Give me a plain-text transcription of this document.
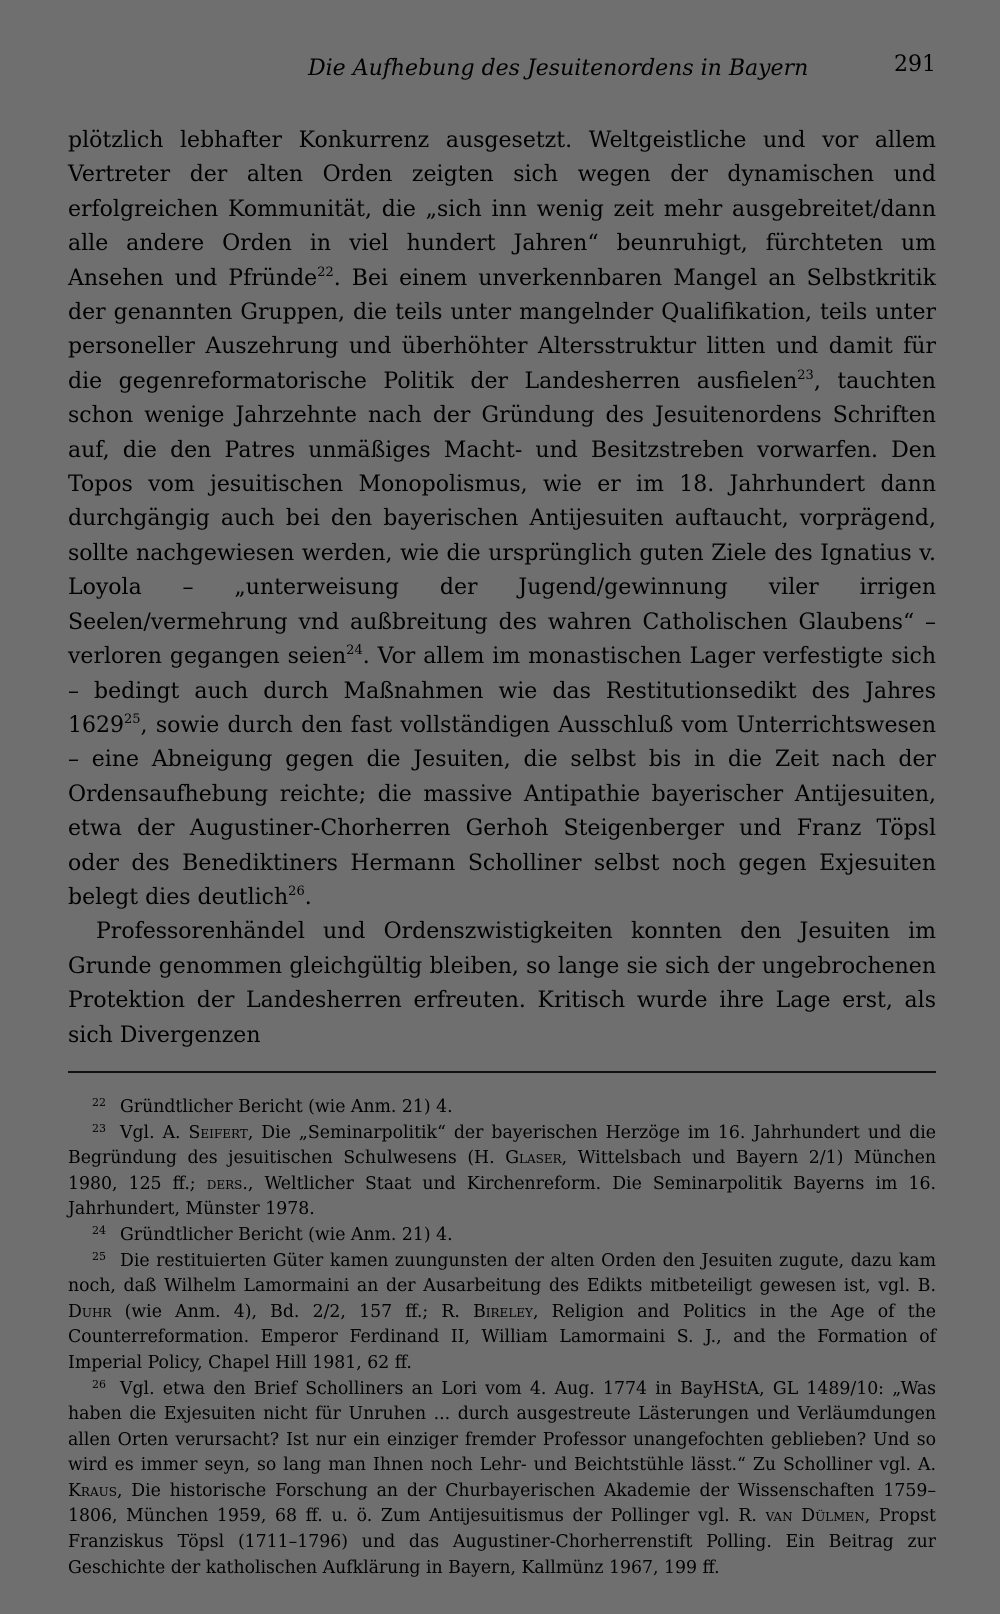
Die Aufhebung des Jesuitenordens in Bayern	291

plötzlich lebhafter Konkurrenz ausgesetzt. Weltgeistliche und vor allem Vertreter der alten Orden zeigten sich wegen der dynamischen und erfolgreichen Kommunität, die „sich inn wenig zeit mehr ausgebreitet/dann alle andere Orden in viel hundert Jahren“ beunruhigt, fürchteten um Ansehen und Pfründe$^{22}$. Bei einem unverkennbaren Mangel an Selbstkritik der genannten Gruppen, die teils unter mangelnder Qualifikation, teils unter personeller Auszehrung und überhöhter Altersstruktur litten und damit für die gegenreformatorische Politik der Landesherren ausfielen$^{23}$, tauchten schon wenige Jahrzehnte nach der Gründung des Jesuitenordens Schriften auf, die den Patres unmäßiges Macht- und Besitzstreben vorwarfen. Den Topos vom jesuitischen Monopolismus, wie er im 18. Jahrhundert dann durchgängig auch bei den bayerischen Antijesuiten auftaucht, vorprägend, sollte nachgewiesen werden, wie die ursprünglich guten Ziele des Ignatius v. Loyola – „unterweisung der Jugend/gewinnung viler irrigen Seelen/vermehrung vnd außbreitung des wahren Catholischen Glaubens“ – verloren gegangen seien$^{24}$. Vor allem im monastischen Lager verfestigte sich – bedingt auch durch Maßnahmen wie das Restitutionsedikt des Jahres 1629$^{25}$, sowie durch den fast vollständigen Ausschluß vom Unterrichtswesen – eine Abneigung gegen die Jesuiten, die selbst bis in die Zeit nach der Ordensaufhebung reichte; die massive Antipathie bayerischer Antijesuiten, etwa der Augustiner-Chorherren Gerhoh Steigenberger und Franz Töpsl oder des Benediktiners Hermann Scholliner selbst noch gegen Exjesuiten belegt dies deutlich$^{26}$.

Professorenhändel und Ordenszwistigkeiten konnten den Jesuiten im Grunde genommen gleichgültig bleiben, so lange sie sich der ungebrochenen Protektion der Landesherren erfreuten. Kritisch wurde ihre Lage erst, als sich Divergenzen

$^{22}$ Gründtlicher Bericht (wie Anm. 21) 4.

$^{23}$ Vgl. A. Seifert, Die „Seminarpolitik“ der bayerischen Herzöge im 16. Jahrhundert und die Begründung des jesuitischen Schulwesens (H. Glaser, Wittelsbach und Bayern 2/1) München 1980, 125 ff.; ders., Weltlicher Staat und Kirchenreform. Die Seminarpolitik Bayerns im 16. Jahrhundert, Münster 1978.

$^{24}$ Gründtlicher Bericht (wie Anm. 21) 4.

$^{25}$ Die restituierten Güter kamen zuungunsten der alten Orden den Jesuiten zugute, dazu kam noch, daß Wilhelm Lamormaini an der Ausarbeitung des Edikts mitbeteiligt gewesen ist, vgl. B. Duhr (wie Anm. 4), Bd. 2/2, 157 ff.; R. Bireley, Religion and Politics in the Age of the Counterreformation. Emperor Ferdinand II, William Lamormaini S. J., and the Formation of Imperial Policy, Chapel Hill 1981, 62 ff.

$^{26}$ Vgl. etwa den Brief Scholliners an Lori vom 4. Aug. 1774 in BayHStA, GL 1489/10: „Was haben die Exjesuiten nicht für Unruhen ... durch ausgestreute Lästerungen und Verläumdungen allen Orten verursacht? Ist nur ein einziger fremder Professor unangefochten geblieben? Und so wird es immer seyn, so lang man Ihnen noch Lehr- und Beichtstühle lässt.“ Zu Scholliner vgl. A. Kraus, Die historische Forschung an der Churbayerischen Akademie der Wissenschaften 1759–1806, München 1959, 68 ff. u. ö. Zum Antijesuitismus der Pollinger vgl. R. van Dülmen, Propst Franziskus Töpsl (1711–1796) und das Augustiner-Chorherrenstift Polling. Ein Beitrag zur Geschichte der katholischen Aufklärung in Bayern, Kallmünz 1967, 199 ff.
